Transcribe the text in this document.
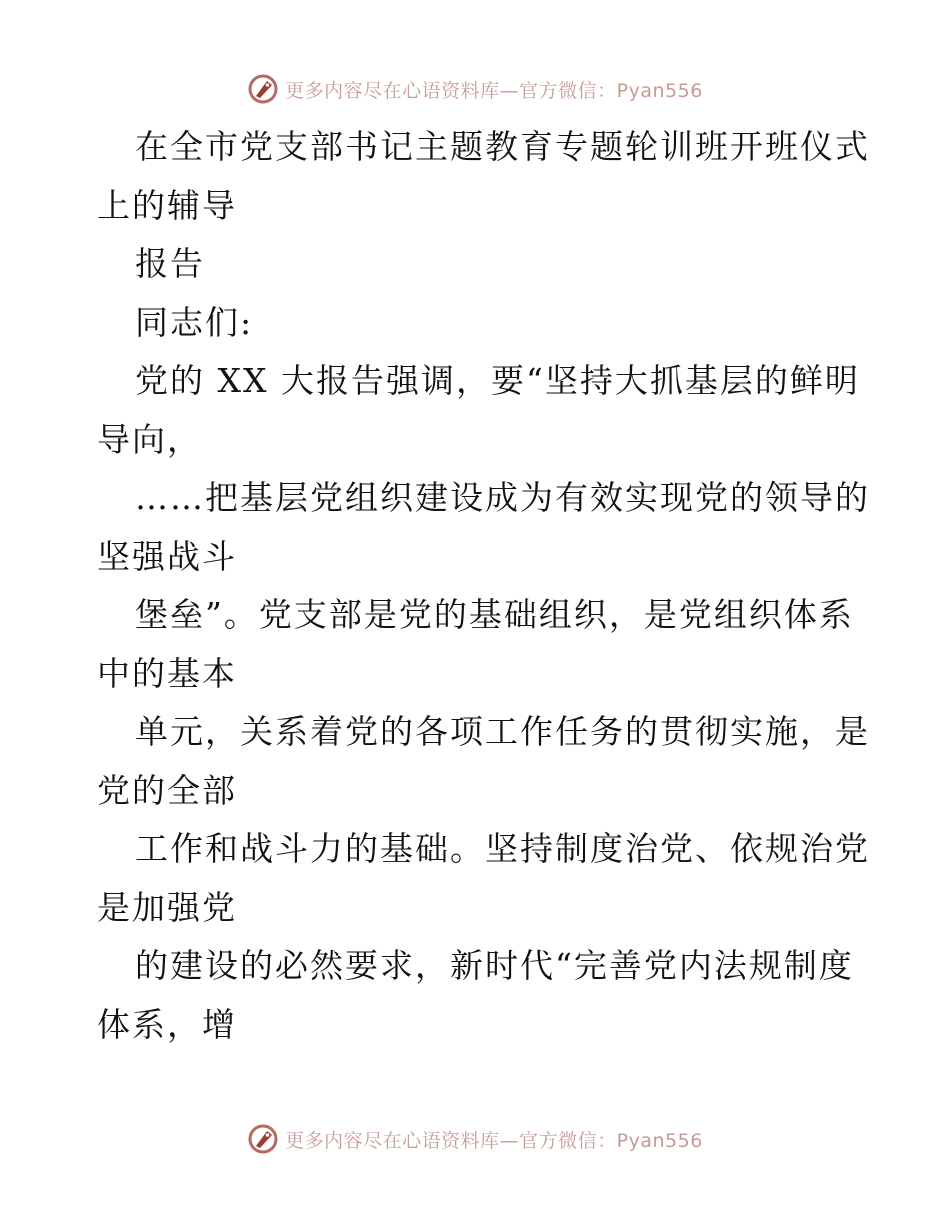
更多内容尽在心语资料库—官方微信：Pyan556
在全市党支部书记主题教育专题轮训班开班仪式
上的辅导
报告
同志们:
党的 XX 大报告强调，要“坚持大抓基层的鲜明
导向，
……把基层党组织建设成为有效实现党的领导的
坚强战斗
堡垒”。党支部是党的基础组织，是党组织体系
中的基本
单元，关系着党的各项工作任务的贯彻实施，是
党的全部
工作和战斗力的基础。坚持制度治党、依规治党
是加强党
的建设的必然要求，新时代“完善党内法规制度
体系，增
更多内容尽在心语资料库—官方微信：Pyan556
